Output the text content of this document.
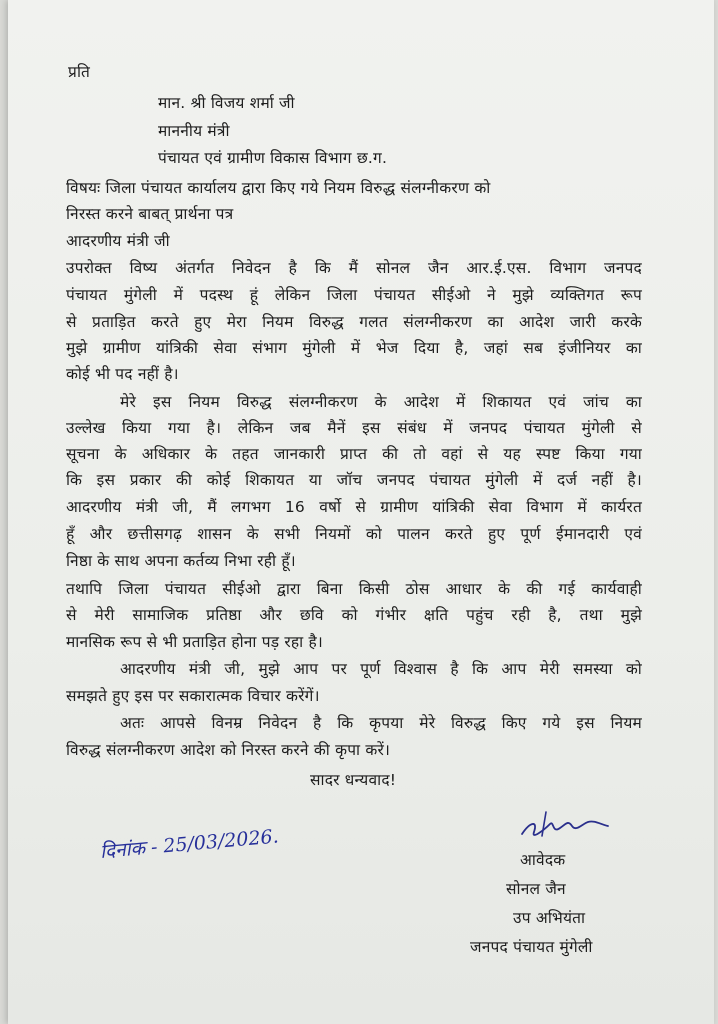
प्रति
मान. श्री विजय शर्मा जी
माननीय मंत्री
पंचायत एवं ग्रामीण विकास विभाग छ.ग.
विषयः जिला पंचायत कार्यालय द्वारा किए गये नियम विरुद्ध संलग्नीकरण को
निरस्त करने बाबत् प्रार्थना पत्र
आदरणीय मंत्री जी
उपरोक्त विष्य अंतर्गत निवेदन है कि मैं सोनल जैन आर.ई.एस. विभाग जनपद
पंचायत मुंगेली में पदस्थ हूं लेकिन जिला पंचायत सीईओ ने मुझे व्यक्तिगत रूप
से प्रताड़ित करते हुए मेरा नियम विरुद्ध गलत संलग्नीकरण का आदेश जारी करके
मुझे ग्रामीण यांत्रिकी सेवा संभाग मुंगेली में भेज दिया है, जहां सब इंजीनियर का
कोई भी पद नहीं है।
मेरे इस नियम विरुद्ध संलग्नीकरण के आदेश में शिकायत एवं जांच का
उल्लेख किया गया है। लेकिन जब मैनें इस संबंध में जनपद पंचायत मुंगेली से
सूचना के अधिकार के तहत जानकारी प्राप्त की तो वहां से यह स्पष्ट किया गया
कि इस प्रकार की कोई शिकायत या जॉच जनपद पंचायत मुंगेली में दर्ज नहीं है।
आदरणीय मंत्री जी, मैं लगभग 16 वर्षो से ग्रामीण यांत्रिकी सेवा विभाग में कार्यरत
हूँ और छत्तीसगढ़ शासन के सभी नियमों को पालन करते हुए पूर्ण ईमानदारी एवं
निष्ठा के साथ अपना कर्तव्य निभा रही हूँ।
तथापि जिला पंचायत सीईओ द्वारा बिना किसी ठोस आधार के की गई कार्यवाही
से मेरी सामाजिक प्रतिष्ठा और छवि को गंभीर क्षति पहुंच रही है, तथा मुझे
मानसिक रूप से भी प्रताड़ित होना पड़ रहा है।
आदरणीय मंत्री जी, मुझे आप पर पूर्ण विश्वास है कि आप मेरी समस्या को
समझते हुए इस पर सकारात्मक विचार करेंगें।
अतः आपसे विनम्र निवेदन है कि कृपया मेरे विरुद्ध किए गये इस नियम
विरुद्ध संलग्नीकरण आदेश को निरस्त करने की कृपा करें।
सादर धन्यवाद!
दिनांक - 25/03/2026.	आवेदक
सोनल जैन
उप अभियंता
जनपद पंचायत मुंगेली
